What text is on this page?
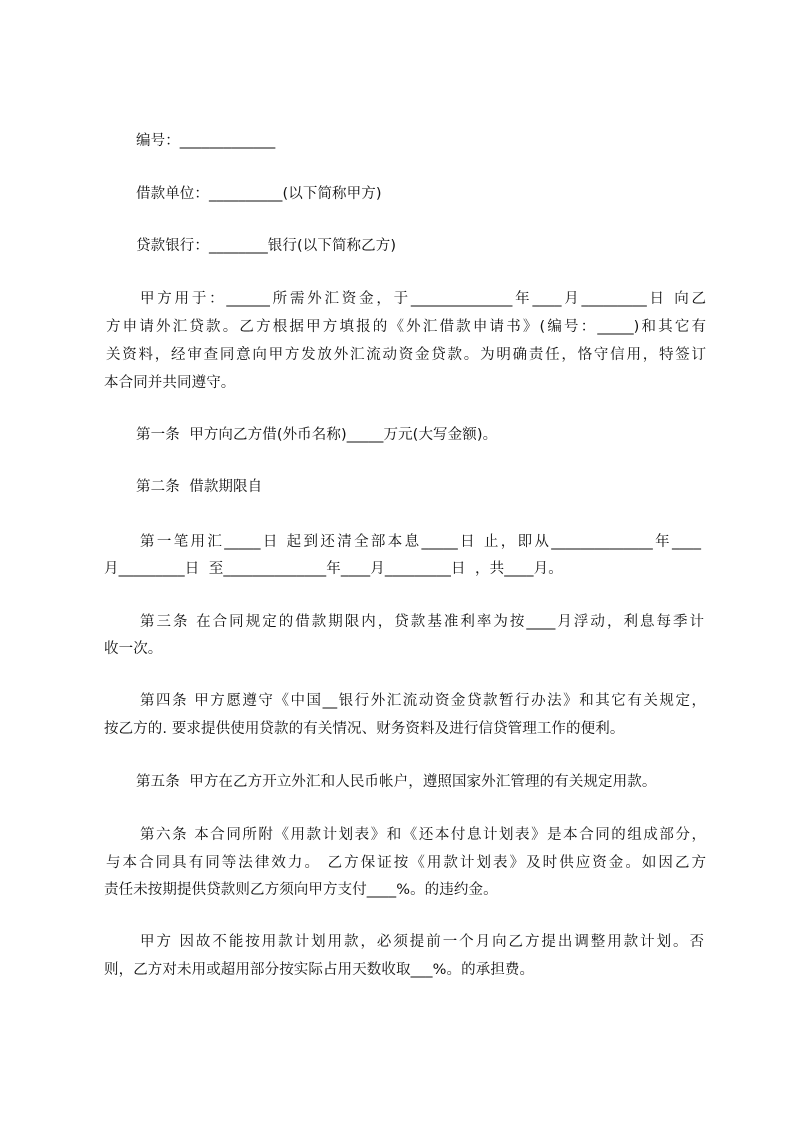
编号：_____________
借款单位：__________(以下简称甲方)
贷款银行：________银行(以下简称乙方)
甲方用于：______所需外汇资金，于______________年____月_________日 向乙
方申请外汇贷款。乙方根据甲方填报的《外汇借款申请书》(编号：_____)和其它有
关资料，经审查同意向甲方发放外汇流动资金贷款。为明确责任，恪守信用，特签订
本合同并共同遵守。
第一条  甲方向乙方借(外币名称)_____万元(大写金额)。
第二条  借款期限自
第一笔用汇_____日 起到还清全部本息_____日 止，即从______________年____
月_________日  至______________年____月_________日  ，共____月。
第三条 在合同规定的借款期限内，贷款基准利率为按____月浮动，利息每季计
收一次。
第四条 甲方愿遵守《中国__银行外汇流动资金贷款暂行办法》和其它有关规定，
按乙方的. 要求提供使用贷款的有关情况、财务资料及进行信贷管理工作的便利。
第五条  甲方在乙方开立外汇和人民币帐户，遵照国家外汇管理的有关规定用款。
第六条 本合同所附《用款计划表》和《还本付息计划表》是本合同的组成部分，
与本合同具有同等法律效力。 乙方保证按《用款计划表》及时供应资金。如因乙方
责任未按期提供贷款则乙方须向甲方支付____%。的违约金。
甲方 因故不能按用款计划用款，必须提前一个月向乙方提出调整用款计划。否
则，乙方对未用或超用部分按实际占用天数收取___%。的承担费。
